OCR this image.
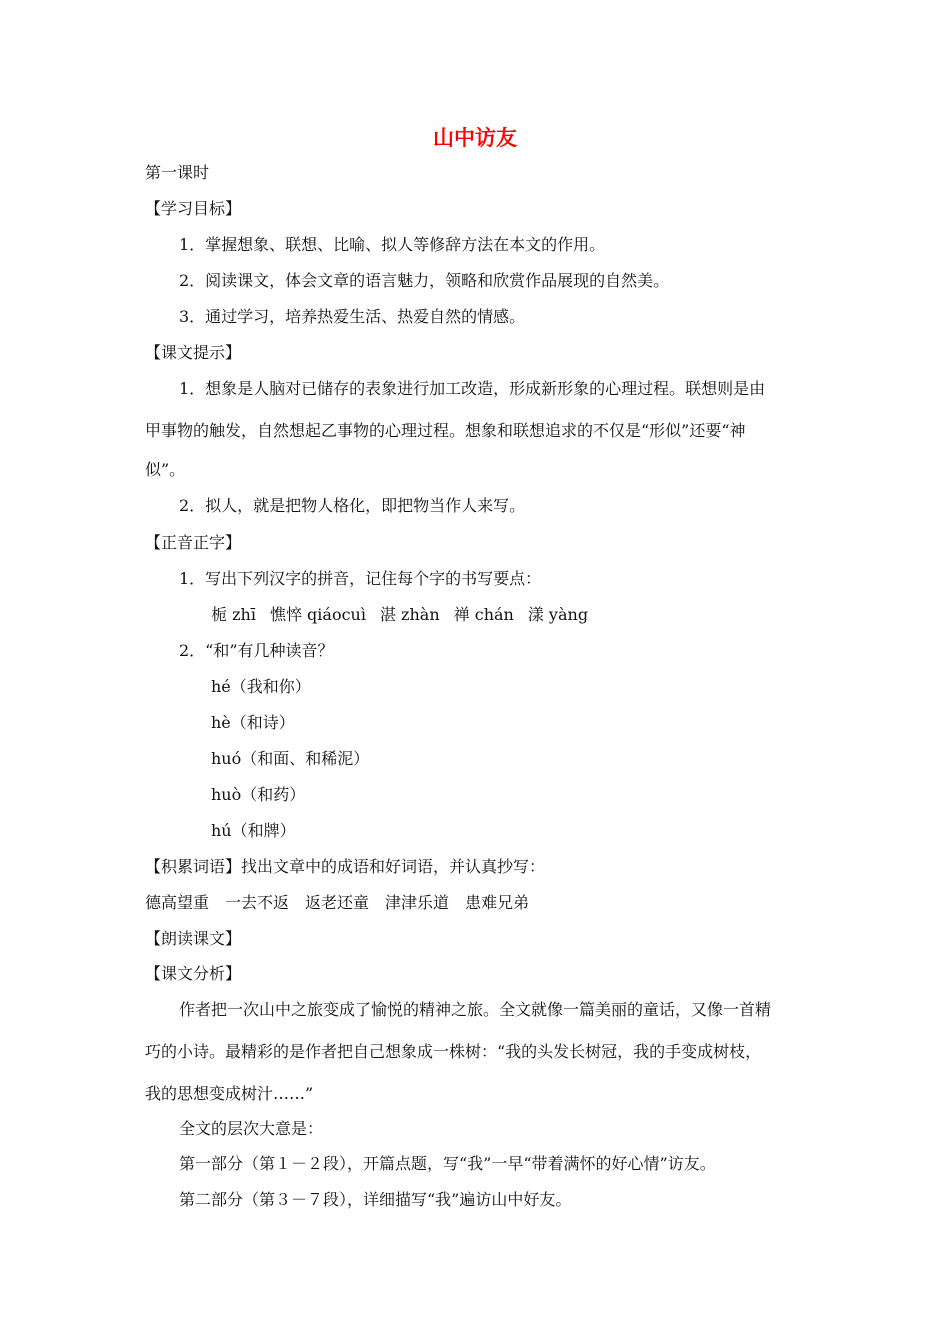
山中访友
第一课时
【学习目标】
1．掌握想象、联想、比喻、拟人等修辞方法在本文的作用。
2．阅读课文，体会文章的语言魅力，领略和欣赏作品展现的自然美。
3．通过学习，培养热爱生活、热爱自然的情感。
【课文提示】
1．想象是人脑对已储存的表象进行加工改造，形成新形象的心理过程。联想则是由
甲事物的触发，自然想起乙事物的心理过程。想象和联想追求的不仅是“形似”还要“神
似”。
2．拟人，就是把物人格化，即把物当作人来写。
【正音正字】
1．写出下列汉字的拼音，记住每个字的书写要点：
栀 zhī 憔悴 qiáocuì 湛 zhàn 禅 chán 漾 yàng
2．“和”有几种读音？
hé（我和你）
hè（和诗）
huó（和面、和稀泥）
huò（和药）
hú（和牌）
【积累词语】找出文章中的成语和好词语，并认真抄写：
德高望重 一去不返 返老还童 津津乐道 患难兄弟
【朗读课文】
【课文分析】
作者把一次山中之旅变成了愉悦的精神之旅。全文就像一篇美丽的童话，又像一首精
巧的小诗。最精彩的是作者把自己想象成一株树：“我的头发长树冠，我的手变成树枝，
我的思想变成树汁……”
全文的层次大意是：
第一部分（第１－２段），开篇点题，写“我”一早“带着满怀的好心情”访友。
第二部分（第３－７段），详细描写“我”遍访山中好友。
